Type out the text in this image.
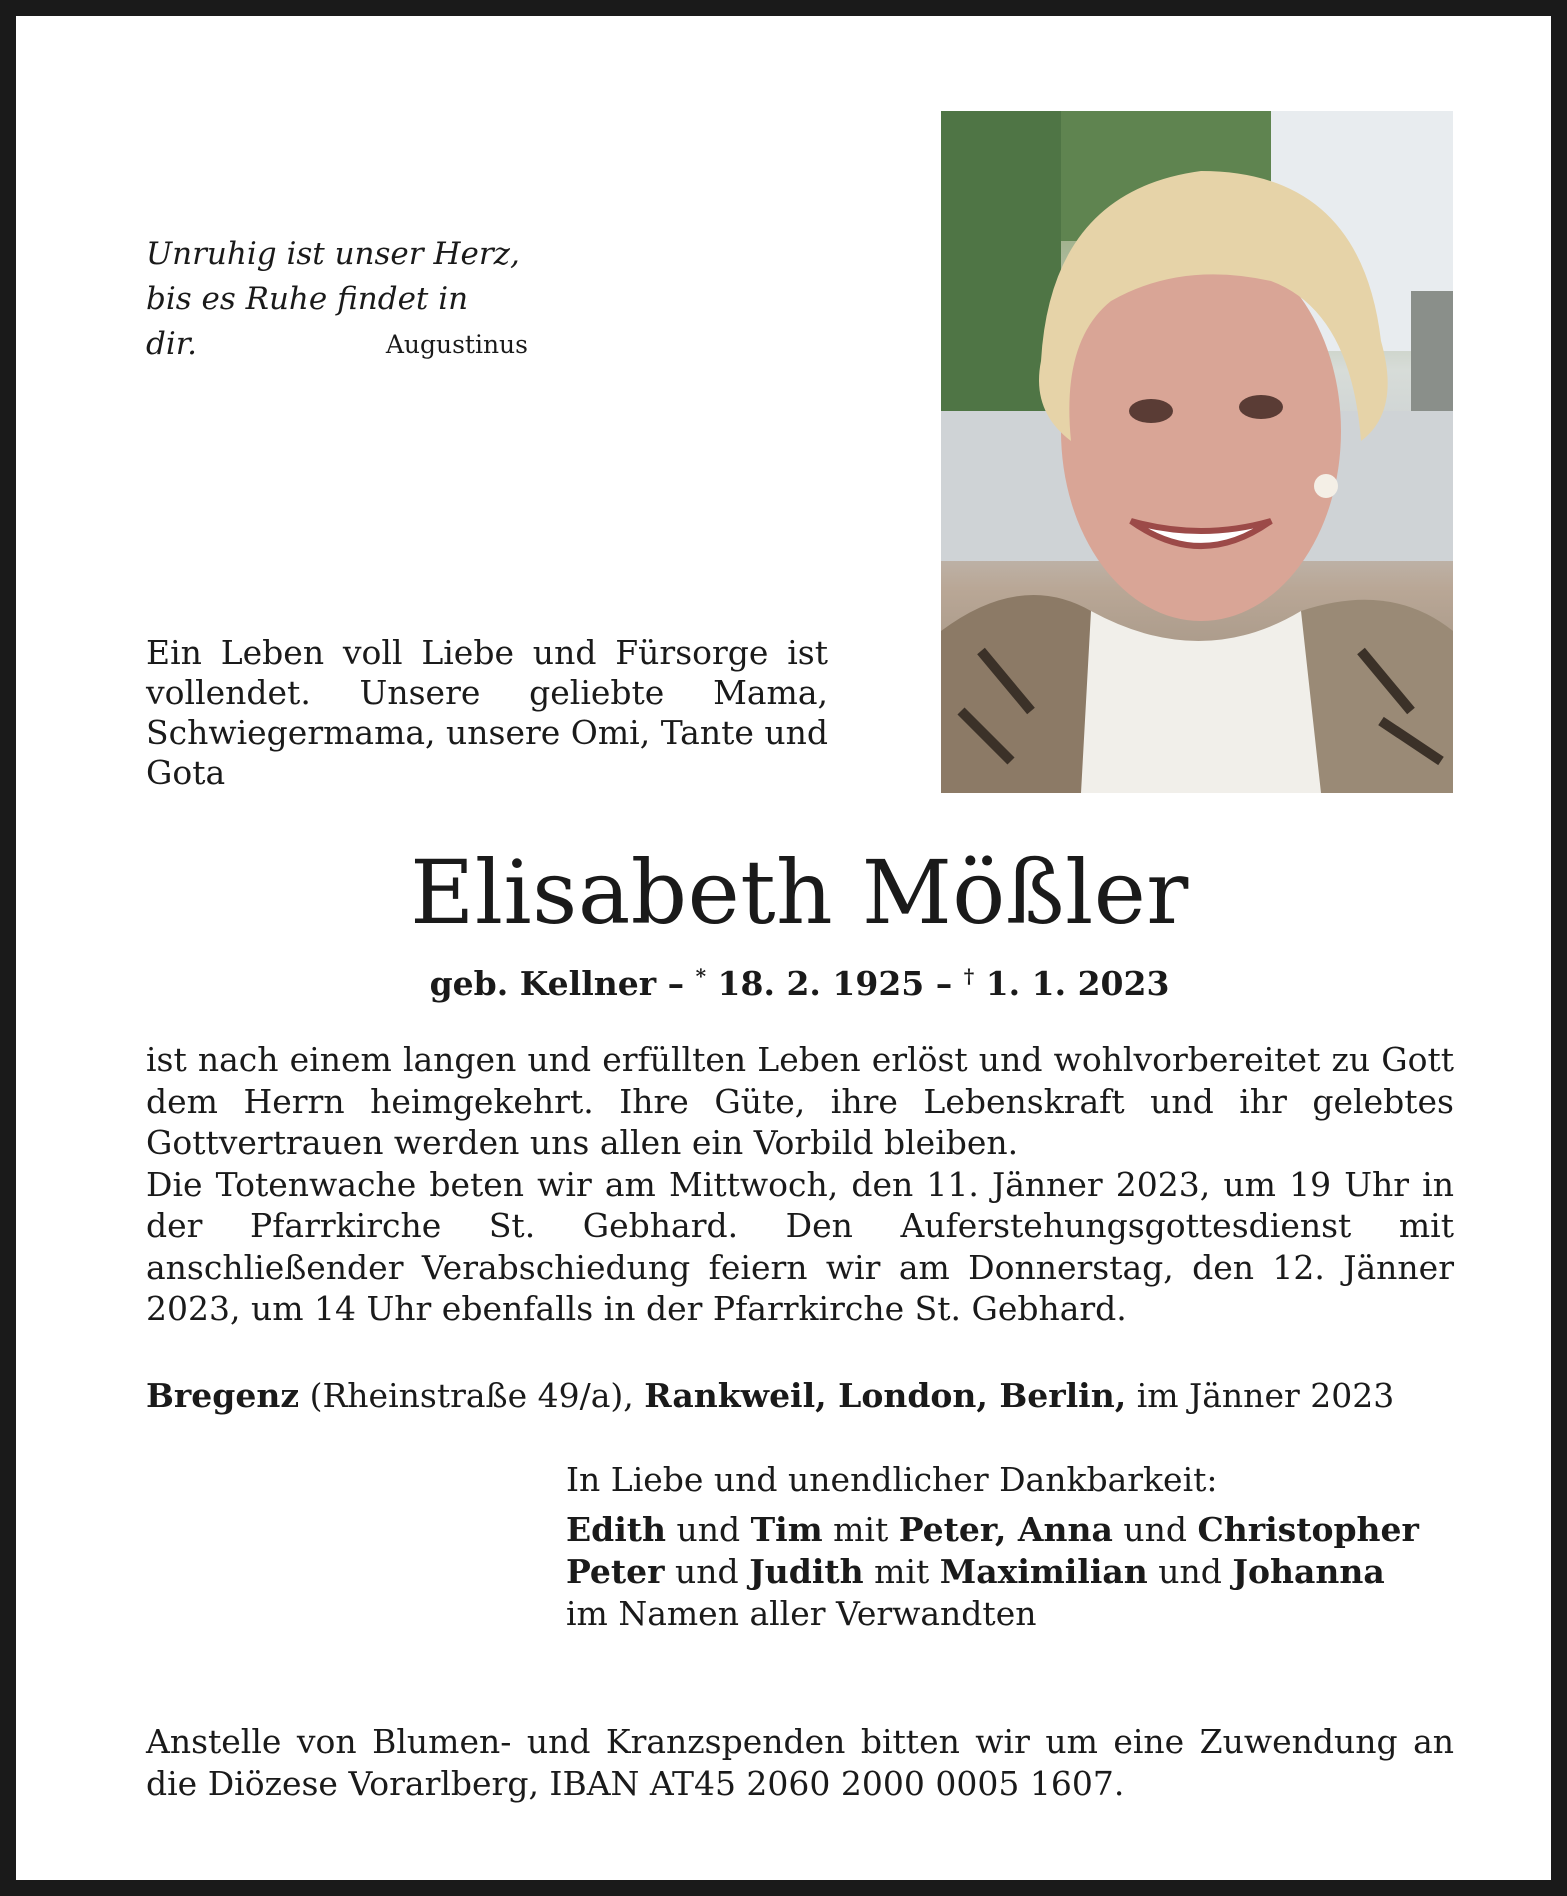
Unruhig ist unser Herz,
bis es Ruhe findet in dir.	Augustinus
Ein Leben voll Liebe und Fürsorge ist vollendet. Unsere geliebte Mama, Schwiegermama, unsere Omi, Tante und Gota
Elisabeth Mößler
geb. Kellner – * 18. 2. 1925 – † 1. 1. 2023

ist nach einem langen und erfüllten Leben erlöst und wohlvorbereitet zu Gott dem Herrn heimgekehrt. Ihre Güte, ihre Lebenskraft und ihr gelebtes Gottvertrauen werden uns allen ein Vorbild bleiben.

Die Totenwache beten wir am Mittwoch, den 11. Jänner 2023, um 19 Uhr in der Pfarrkirche St. Gebhard. Den Auferstehungsgottesdienst mit anschließender Verabschiedung feiern wir am Donnerstag, den 12. Jänner 2023, um 14 Uhr ebenfalls in der Pfarrkirche St. Gebhard.

Bregenz (Rheinstraße 49/a), Rankweil, London, Berlin, im Jänner 2023
In Liebe und unendlicher Dankbarkeit:
Edith und Tim mit Peter, Anna und Christopher
Peter und Judith mit Maximilian und Johanna
im Namen aller Verwandten
Anstelle von Blumen- und Kranzspenden bitten wir um eine Zuwendung an die Diözese Vorarlberg, IBAN AT45 2060 2000 0005 1607.
